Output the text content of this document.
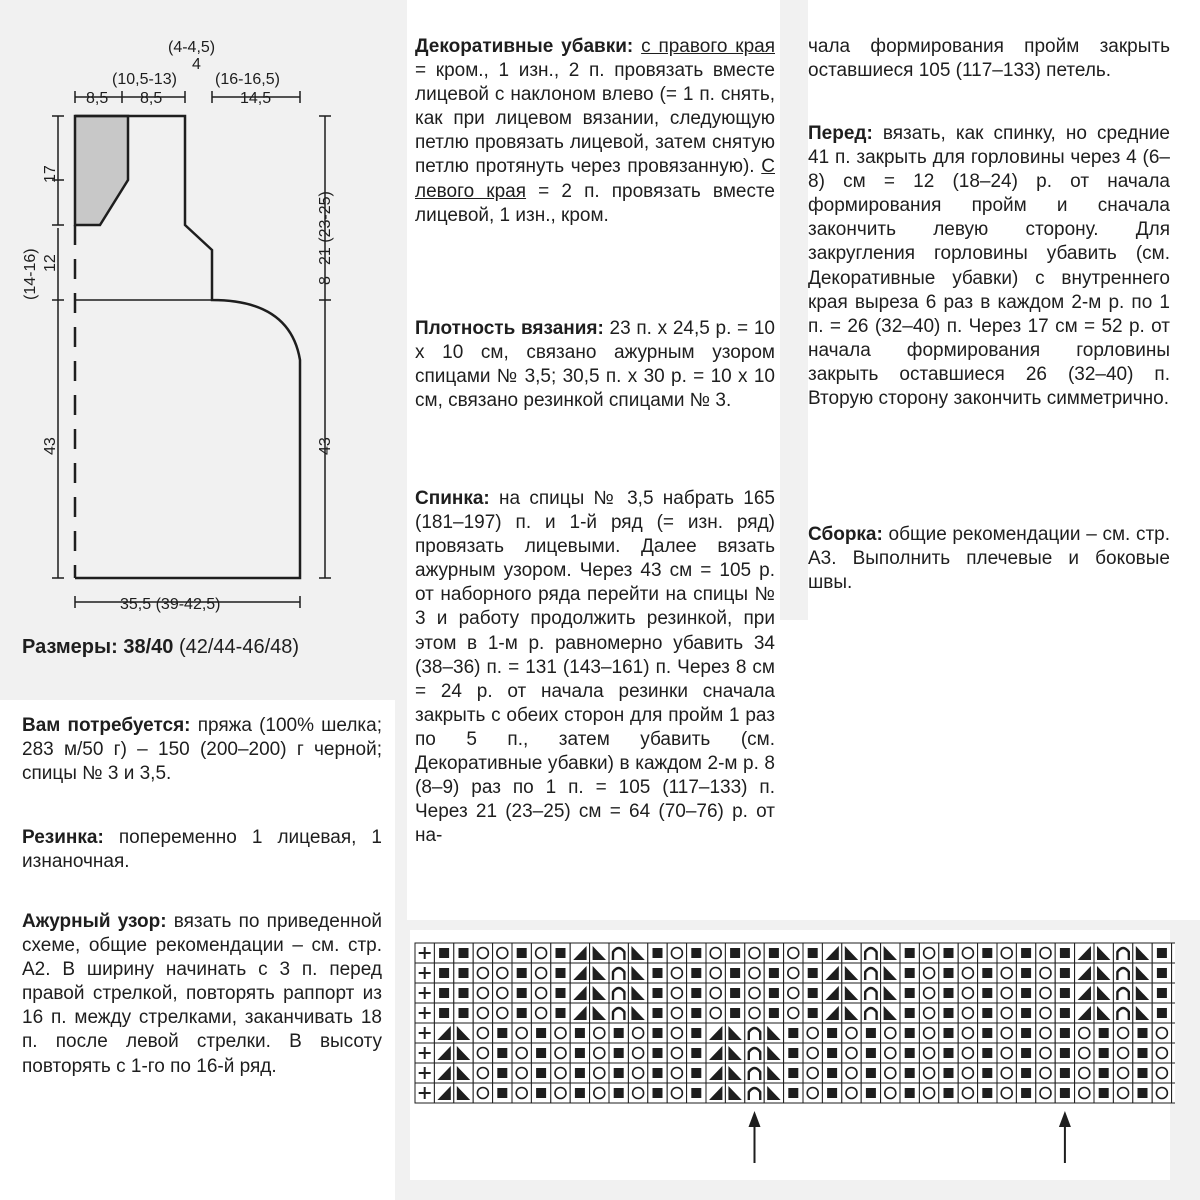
(4-4,5)
4
(10,5-13) (16-16,5)
8,5 8,5	14,5
17
12
(14-16)
43
21 (23-25)
8
43
35,5 (39-42,5)
Размеры: 38/40 (42/44-46/48)

Вам потребуется: пряжа (100% шелка; 283 м/50 г) – 150 (200–200) г черной; спицы № 3 и 3,5.

Резинка: попеременно 1 лицевая, 1 изнаночная.

Ажурный узор: вязать по приведенной схеме, общие рекомендации – см. стр. А2. В ширину начинать с 3 п. перед правой стрелкой, повторять раппорт из 16 п. между стрелками, заканчивать 18 п. после левой стрелки. В высоту повторять с 1-го по 16-й ряд.

Декоративные убавки: с правого края = кром., 1 изн., 2 п. провязать вместе лицевой с наклоном влево (= 1 п. снять, как при лицевом вязании, следующую петлю провязать лицевой, затем снятую петлю протянуть через провязанную). С левого края = 2 п. провязать вместе лицевой, 1 изн., кром.

Плотность вязания: 23 п. х 24,5 р. = 10 х 10 см, связано ажурным узором спицами № 3,5; 30,5 п. х 30 р. = 10 х 10 см, связано резинкой спицами № 3.

Спинка: на спицы № 3,5 набрать 165 (181–197) п. и 1-й ряд (= изн. ряд) провязать лицевыми. Далее вязать ажурным узором. Через 43 см = 105 р. от наборного ряда перейти на спицы № 3 и работу продолжить резинкой, при этом в 1-м р. равномерно убавить 34 (38–36) п. = 131 (143–161) п. Через 8 см = 24 р. от начала резинки сначала закрыть с обеих сторон для пройм 1 раз по 5 п., затем убавить (см. Декоративные убавки) в каждом 2-м р. 8 (8–9) раз по 1 п. = 105 (117–133) п. Через 21 (23–25) см = 64 (70–76) р. от на-

чала формирования пройм закрыть оставшиеся 105 (117–133) петель.

Перед: вязать, как спинку, но средние 41 п. закрыть для горловины через 4 (6–8) см = 12 (18–24) р. от начала формирования пройм и сначала закончить левую сторону. Для закругления горловины убавить (см. Декоративные убавки) с внутреннего края выреза 6 раз в каждом 2-м р. по 1 п. = 26 (32–40) п. Через 17 см = 52 р. от начала формирования горловины закрыть оставшиеся 26 (32–40) п. Вторую сторону закончить симметрично.

Сборка: общие рекомендации – см. стр. А3. Выполнить плечевые и боковые швы.
